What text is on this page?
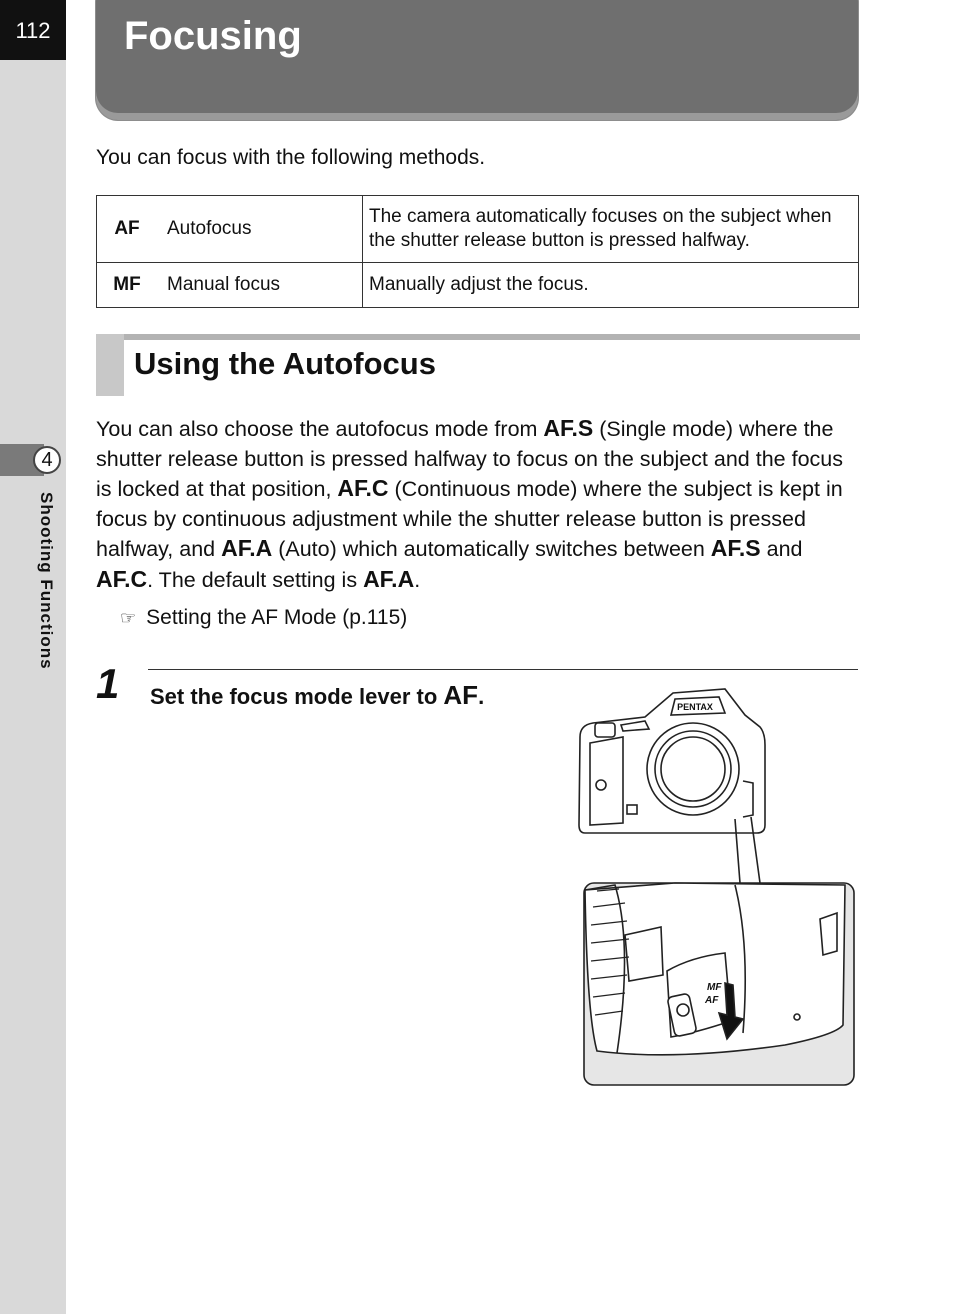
112
4
Shooting Functions
Focusing
You can focus with the following methods.
AF	Autofocus	The camera automatically focuses on the subject when the shutter release button is pressed halfway.
MF	Manual focus	Manually adjust the focus.
Using the Autofocus
You can also choose the autofocus mode from AF.S (Single mode) where the shutter release button is pressed halfway to focus on the subject and the focus is locked at that position, AF.C (Continuous mode) where the subject is kept in focus by continuous adjustment while the shutter release button is pressed halfway, and AF.A (Auto) which automatically switches between AF.S and AF.C. The default setting is AF.A.
☞ Setting the AF Mode (p.115)
1 Set the focus mode lever to AF.	PENTAX
MF
AF
